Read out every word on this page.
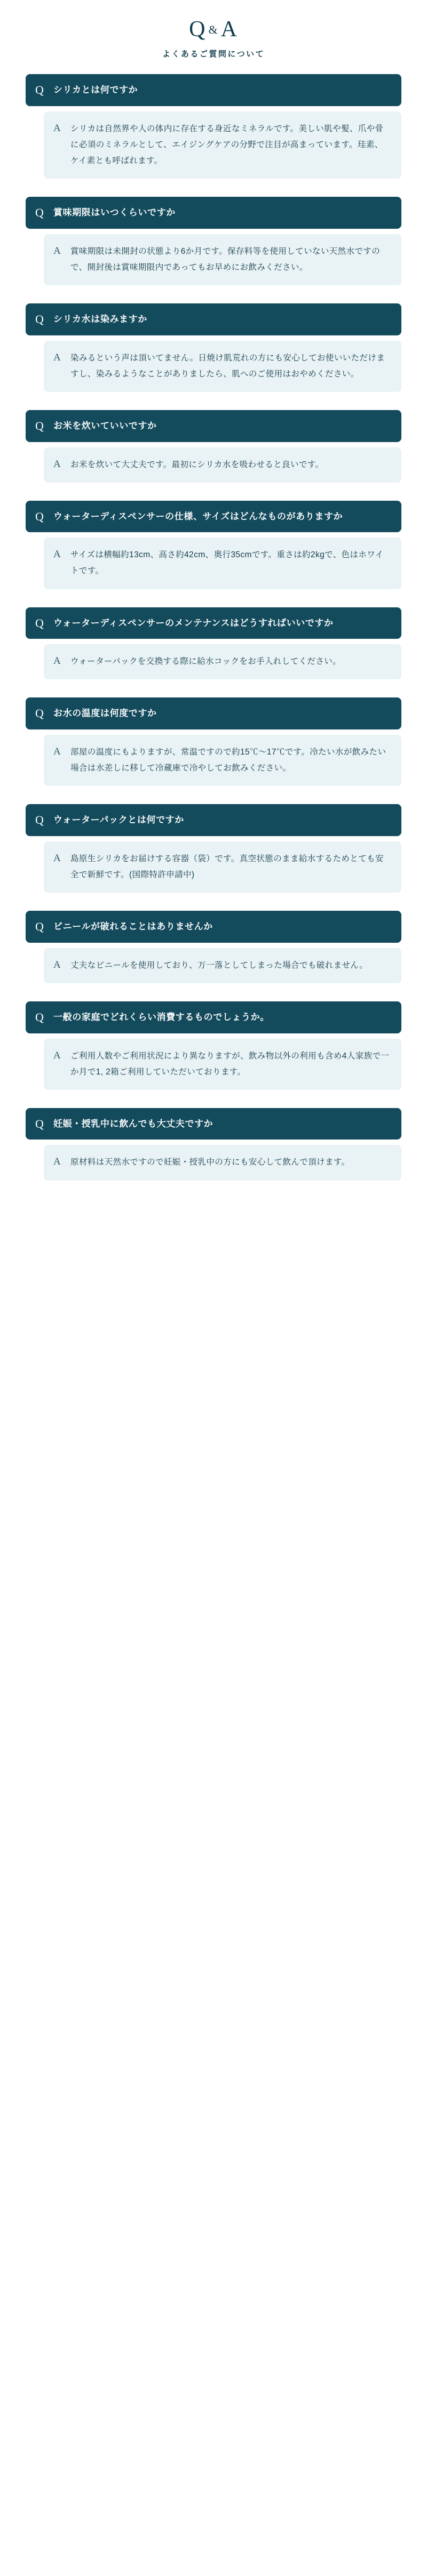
Q &A
よくあるご質問について
Q	シリカとは何ですか
A	シリカは自然界や人の体内に存在する身近なミネラルです。美しい肌や髪、爪や骨に必須のミネラルとして、エイジングケアの分野で注目が高まっています。珪素、ケイ素とも呼ばれます。
Q	賞味期限はいつくらいですか
A	賞味期限は未開封の状態より6か月です。保存料等を使用していない天然水ですので、開封後は賞味期限内であってもお早めにお飲みください。
Q	シリカ水は染みますか
A	染みるという声は頂いてません。日焼け肌荒れの方にも安心してお使いいただけますし、染みるようなことがありましたら、肌へのご使用はおやめください。
Q	お米を炊いていいですか
A	お米を炊いて大丈夫です。最初にシリカ水を吸わせると良いです。
Q	ウォーターディスペンサーの仕様、サイズはどんなものがありますか
A	サイズは横幅約13cm、高さ約42cm、奥行35cmです。重さは約2kgで、色はホワイトです。
Q	ウォーターディスペンサーのメンテナンスはどうすればいいですか
A	ウォーターパックを交換する際に給水コックをお手入れしてください。
Q	お水の温度は何度ですか
A	部屋の温度にもよりますが、常温ですので約15℃～17℃です。冷たい水が飲みたい場合は水差しに移して冷蔵庫で冷やしてお飲みください。
Q	ウォーターパックとは何ですか
A	島原生シリカをお届けする容器（袋）です。真空状態のまま給水するためとても安全で新鮮です。(国際特許申請中)
Q	ビニールが破れることはありませんか
A	丈夫なビニールを使用しており、万一落としてしまった場合でも破れません。
Q	一般の家庭でどれくらい消費するものでしょうか。
A	ご利用人数やご利用状況により異なりますが、飲み物以外の利用も含め4人家族で一か月で1, 2箱ご利用していただいております。
Q	妊娠・授乳中に飲んでも大丈夫ですか
A	原材料は天然水ですので妊娠・授乳中の方にも安心して飲んで頂けます。
